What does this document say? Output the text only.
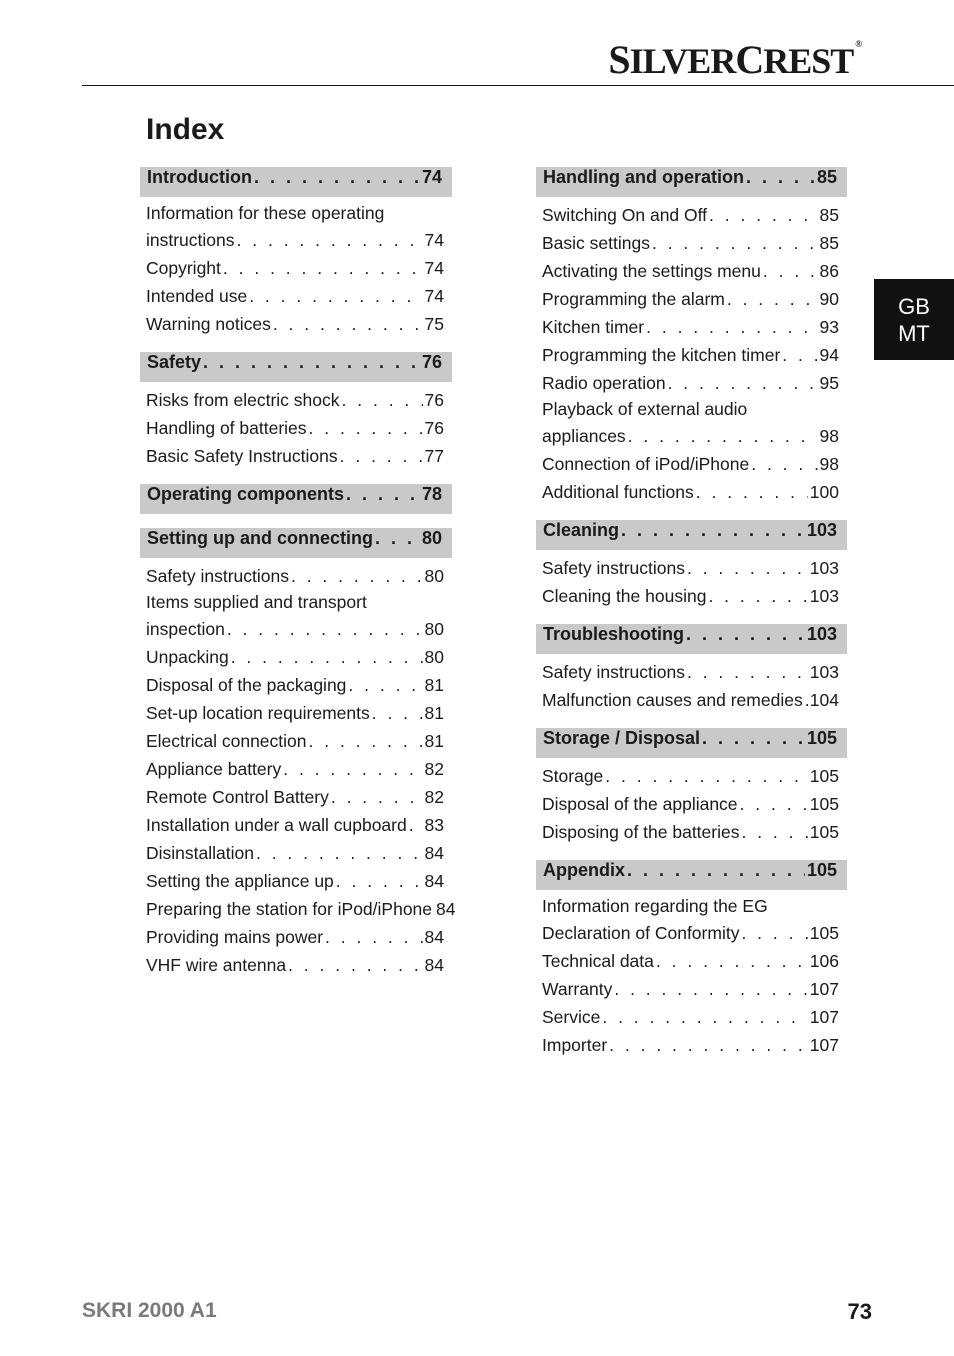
SILVERCREST ®
Index
GB
MT
Introduction . . .	74
Information for these operating
instructions . . .	74
Copyright . . .	74
Intended use . . .	74
Warning notices . . .	75
Safety . . .	76
Risks from electric shock . . .	76
Handling of batteries . . .	76
Basic Safety Instructions . . .	77
Operating components . . .	78
Setting up and connecting . . .	80
Safety instructions . . .	80
Items supplied and transport
inspection . . .	80
Unpacking . . .	80
Disposal of the packaging . . .	81
Set-up location requirements . . .	81
Electrical connection . . .	81
Appliance battery . . .	82
Remote Control Battery . . .	82
Installation under a wall cupboard . . . 83
Disinstallation . . .	84
Setting the appliance up . . .	84
Preparing the station for iPod/iPhone 84
Providing mains power . . .	84
VHF wire antenna . . .	84
Handling and operation . . .	85
Switching On and Off . . .	85
Basic settings . . .	85
Activating the settings menu . . .	86
Programming the alarm . . .	90
Kitchen timer . . .	93
Programming the kitchen timer . . . 94
Radio operation . . .	95
Playback of external audio
appliances . . .	98
Connection of iPod/iPhone . . .	98
Additional functions . . .	100
Cleaning . . .	103
Safety instructions . . .	103
Cleaning the housing . . .	103
Troubleshooting . . .	103
Safety instructions . . .	103
Malfunction causes and remedies . . . 104
Storage / Disposal . . .	105
Storage . . .	105
Disposal of the appliance . . .	105
Disposing of the batteries . . .	105
Appendix . . .	105
Information regarding the EG
Declaration of Conformity . . .	105
Technical data . . .	106
Warranty . . .	107
Service . . .	107
Importer . . .	107
SKRI 2000 A1	73
